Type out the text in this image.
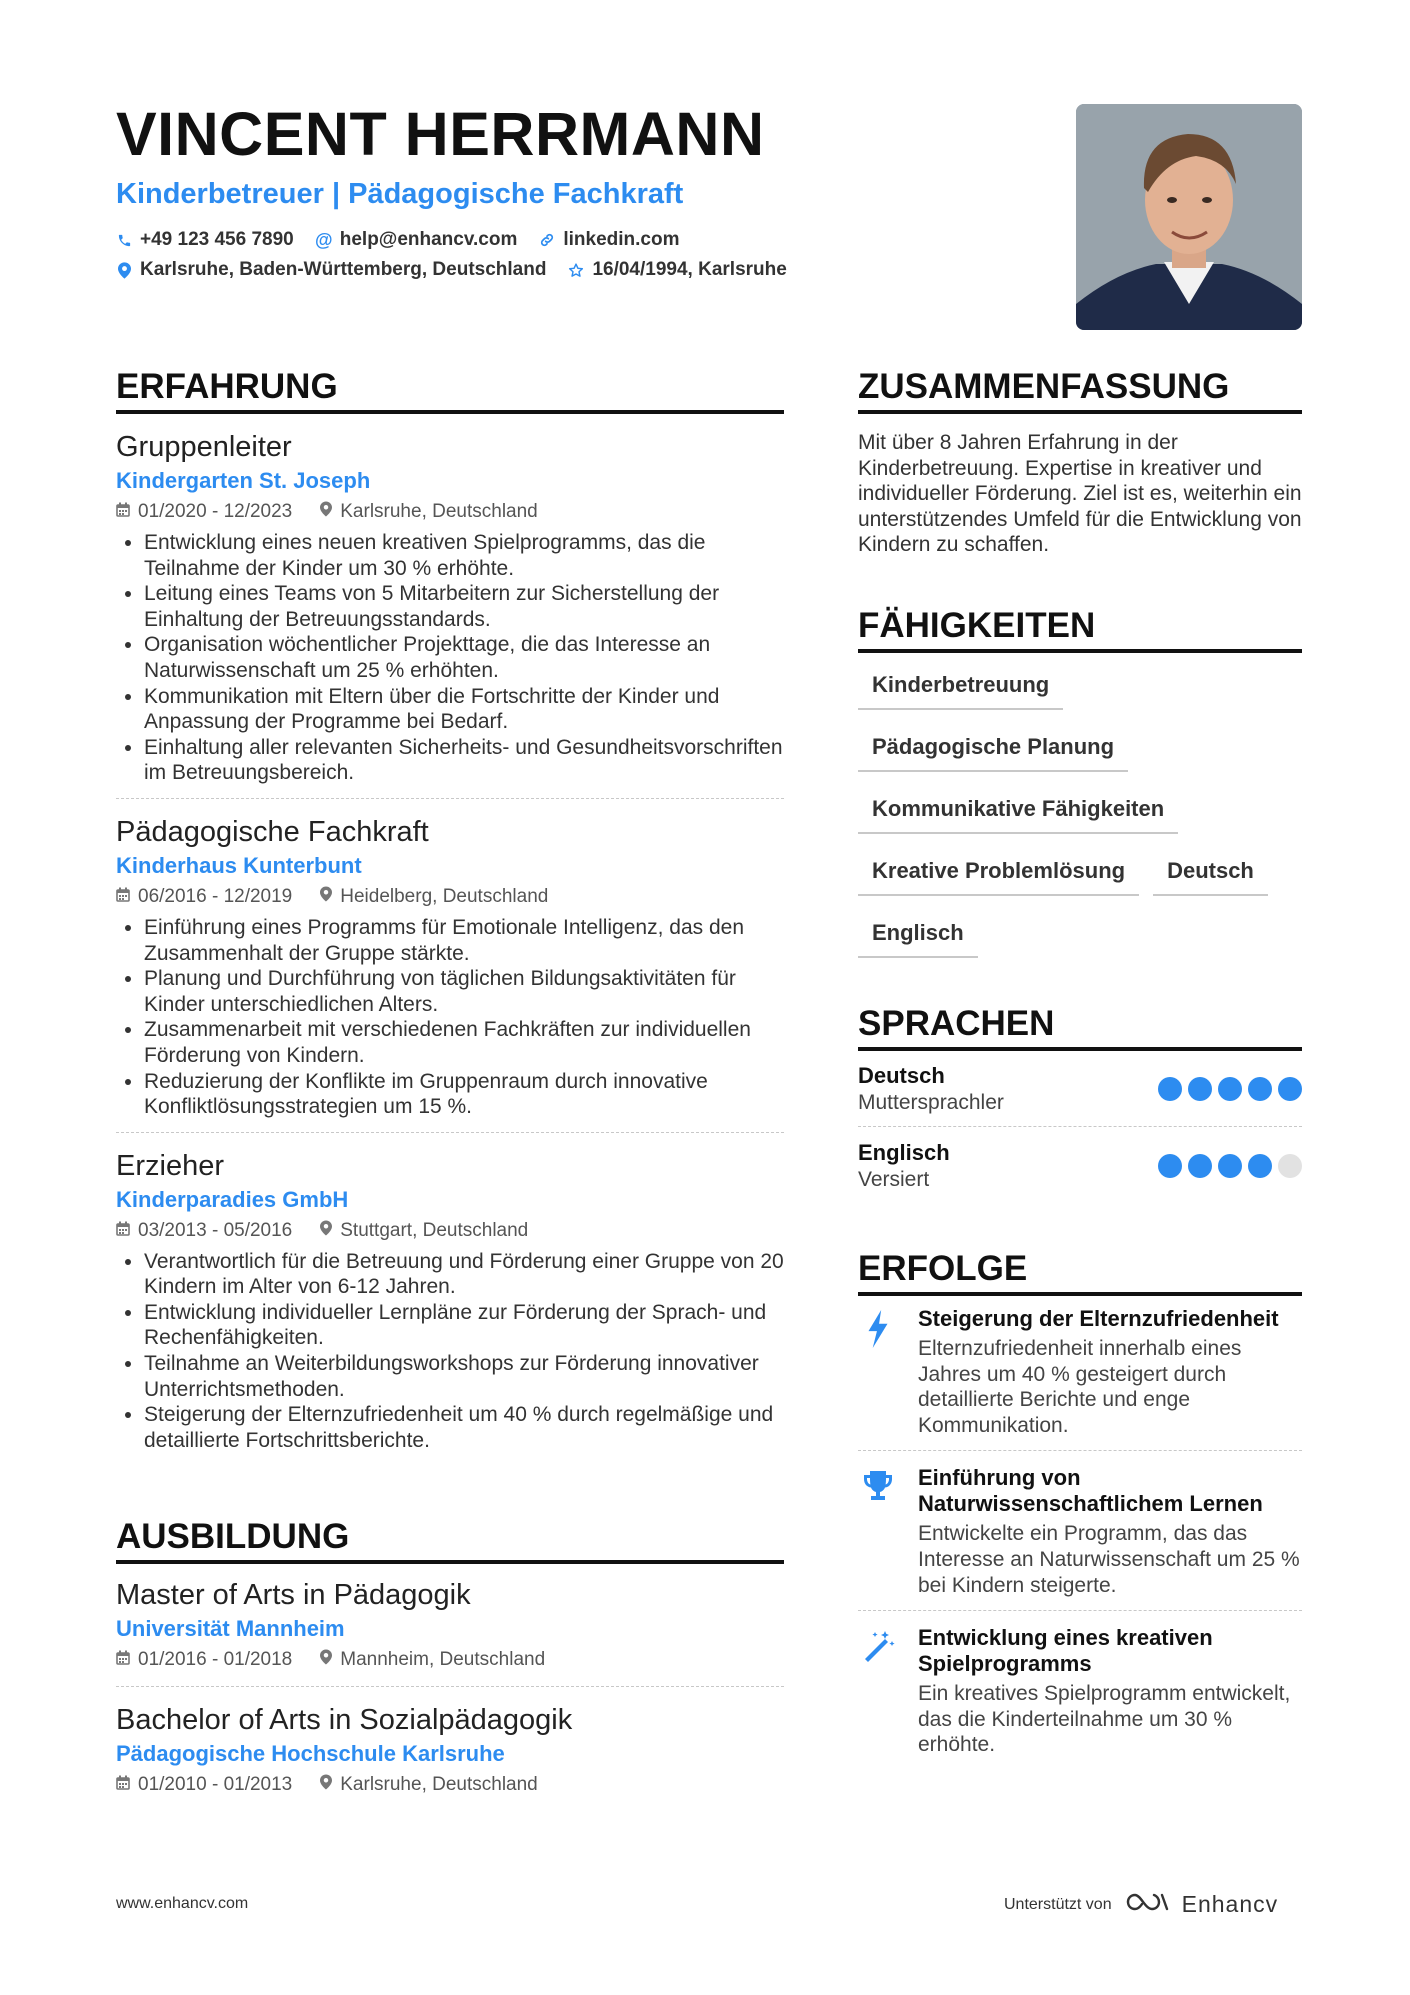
VINCENT HERRMANN
Kinderbetreuer | Pädagogische Fachkraft
+49 123 456 7890 @ help@enhancv.com linkedin.com
Karlsruhe, Baden-Württemberg, Deutschland 16/04/1994, Karlsruhe
ERFAHRUNG
Gruppenleiter
Kindergarten St. Joseph
01/2020 - 12/2023	Karlsruhe, Deutschland
• Entwicklung eines neuen kreativen Spielprogramms, das die Teilnahme der Kinder um 30 % erhöhte.
• Leitung eines Teams von 5 Mitarbeitern zur Sicherstellung der Einhaltung der Betreuungsstandards.
• Organisation wöchentlicher Projekttage, die das Interesse an Naturwissenschaft um 25 % erhöhten.
• Kommunikation mit Eltern über die Fortschritte der Kinder und Anpassung der Programme bei Bedarf.
• Einhaltung aller relevanten Sicherheits- und Gesundheitsvorschriften im Betreuungsbereich.
Pädagogische Fachkraft
Kinderhaus Kunterbunt
06/2016 - 12/2019	Heidelberg, Deutschland
• Einführung eines Programms für Emotionale Intelligenz, das den Zusammenhalt der Gruppe stärkte.
• Planung und Durchführung von täglichen Bildungsaktivitäten für Kinder unterschiedlichen Alters.
• Zusammenarbeit mit verschiedenen Fachkräften zur individuellen Förderung von Kindern.
• Reduzierung der Konflikte im Gruppenraum durch innovative Konfliktlösungsstrategien um 15 %.
Erzieher
Kinderparadies GmbH
03/2013 - 05/2016	Stuttgart, Deutschland
• Verantwortlich für die Betreuung und Förderung einer Gruppe von 20 Kindern im Alter von 6-12 Jahren.
• Entwicklung individueller Lernpläne zur Förderung der Sprach- und Rechenfähigkeiten.
• Teilnahme an Weiterbildungsworkshops zur Förderung innovativer Unterrichtsmethoden.
• Steigerung der Elternzufriedenheit um 40 % durch regelmäßige und detaillierte Fortschrittsberichte.
AUSBILDUNG
Master of Arts in Pädagogik
Universität Mannheim
01/2016 - 01/2018	Mannheim, Deutschland
Bachelor of Arts in Sozialpädagogik
Pädagogische Hochschule Karlsruhe
01/2010 - 01/2013	Karlsruhe, Deutschland
ZUSAMMENFASSUNG
Mit über 8 Jahren Erfahrung in der Kinderbetreuung. Expertise in kreativer und individueller Förderung. Ziel ist es, weiterhin ein unterstützendes Umfeld für die Entwicklung von Kindern zu schaffen.
FÄHIGKEITEN
Kinderbetreuung
Pädagogische Planung
Kommunikative Fähigkeiten
Kreative Problemlösung	Deutsch
Englisch
SPRACHEN
Deutsch
Muttersprachler
Englisch
Versiert
ERFOLGE
Steigerung der Elternzufriedenheit
Elternzufriedenheit innerhalb eines Jahres um 40 % gesteigert durch detaillierte Berichte und enge Kommunikation.
Einführung von Naturwissenschaftlichem Lernen
Entwickelte ein Programm, das das Interesse an Naturwissenschaft um 25 % bei Kindern steigerte.
Entwicklung eines kreativen Spielprogramms
Ein kreatives Spielprogramm entwickelt, das die Kinderteilnahme um 30 % erhöhte.
www.enhancv.com	Unterstützt von	Enhancv
